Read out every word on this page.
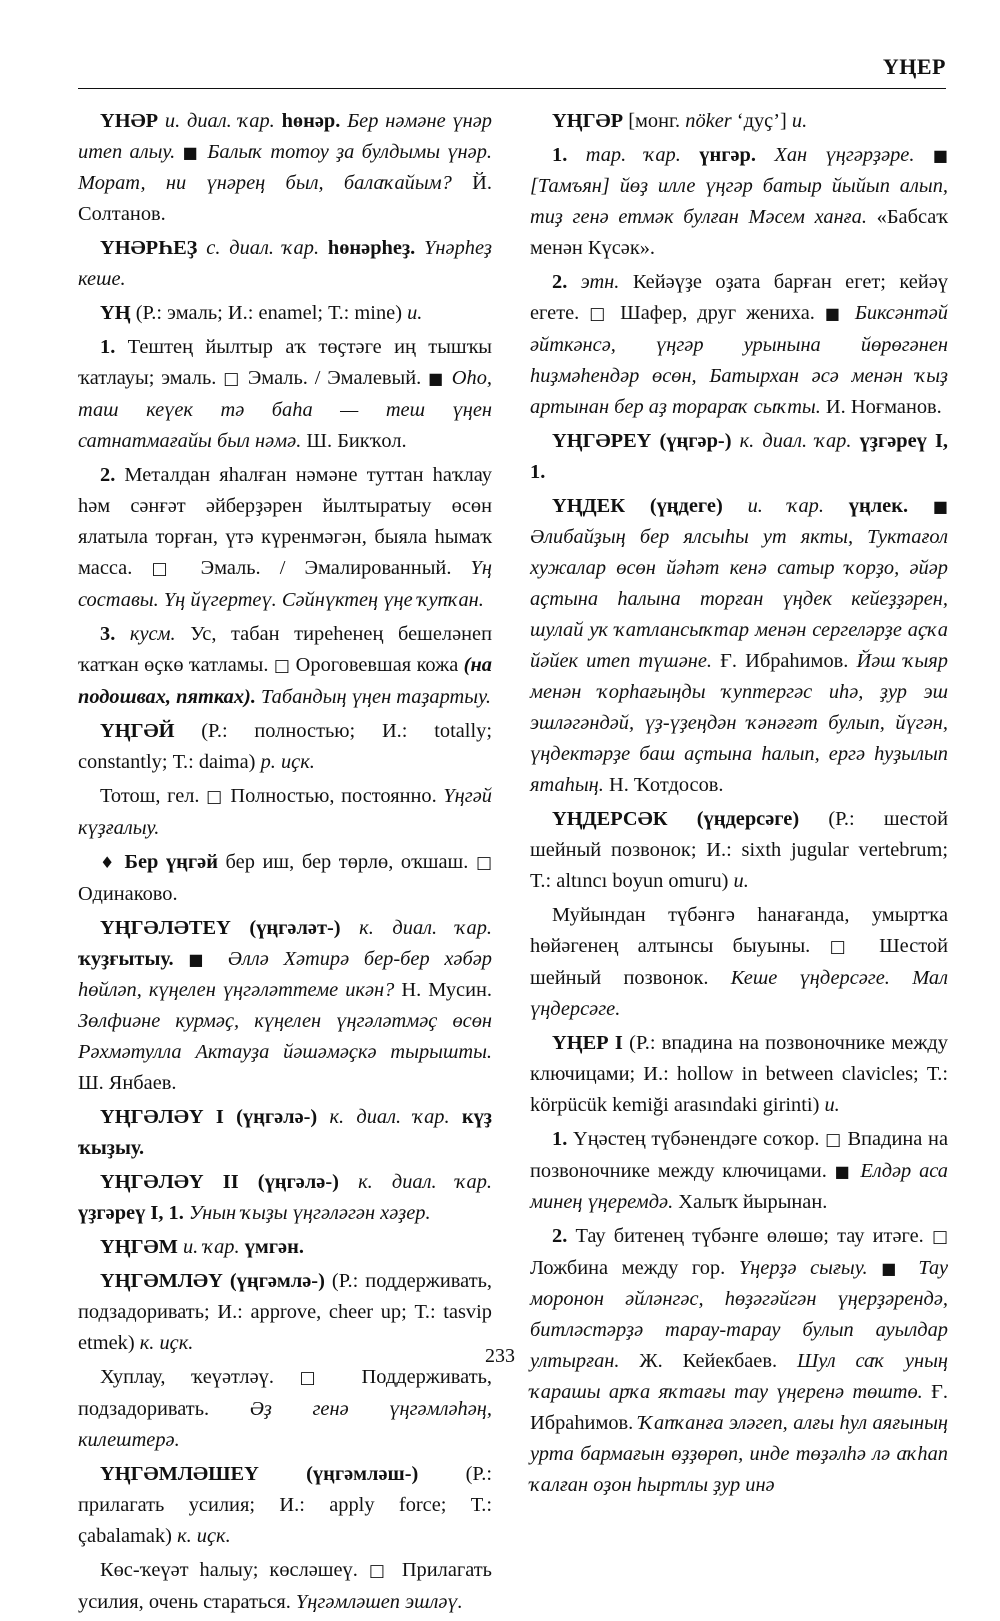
ҮҢЕР

ҮНӘР и. диал. ҡар. һөнәр. Бер нәмәне үнәр итеп алыу. ■ Балыҡ тотоу ҙа булдымы үнәр. Морат, ни үнәрең был, балаҡайым? Й. Солтанов.

ҮНӘРҺЕҘ с. диал. ҡар. һөнәрһеҙ. Үнәрһеҙ кеше.

ҮҢ (Р.: эмаль; И.: enamel; Т.: mine) и.

1. Тештең йылтыр аҡ төҫтәге иң тышҡы ҡатлауы; эмаль. □ Эмаль. / Эмалевый. ■ Оһо, таш кеүек тә баһа — теш үңен сатнатмағайы был нәмә. Ш. Бикҡол.

2. Металдан яһалған нәмәне туттан һаҡлау һәм сәнғәт әйберҙәрен йылтыратыу өсөн ялатыла торған, үтә күренмәгән, быяла һымаҡ масса. □ Эмаль. / Эмалированный. Үң составы. Үң йүгертеү. Сәйнүктең үңе ҡупҡан.

3. кусм. Ус, табан тиреһенең бешеләнеп ҡатҡан өҫкө ҡатламы. □ Ороговевшая кожа (на подошвах, пятках). Табандың үңен таҙартыу.

ҮҢГӘЙ (Р.: полностью; И.: totally; constantly; Т.: daima) р. иҫк.

Тотош, гел. □ Полностью, постоянно. Үңгәй күҙғалыу.

♦ Бер үңгәй бер иш, бер төрлө, оҡшаш. □ Одинаково.

ҮҢГӘЛӘТЕҮ (үңгәләт-) к. диал. ҡар. ҡуҙғытыу. ■ Әллә Хәтирә бер-бер хәбәр һөйләп, күңелен үңгәләттеме икән? Н. Мусин. Зөлфиәне курмәҫ, күңелен үңгәләтмәҫ өсөн Рәхмәтулла Актауҙа йәшәмәҫкә тырышты. Ш. Янбаев.

ҮҢГӘЛӘҮ I (үңгәлә-) к. диал. ҡар. күҙ ҡыҙыу.

ҮҢГӘЛӘҮ II (үңгәлә-) к. диал. ҡар. үҙгәреү I, 1. Унын ҡыҙы үңгәләгән хәҙер.

ҮҢГӘМ и. ҡар. үмгән.

ҮҢГӘМЛӘҮ (үңгәмлә-) (Р.: поддерживать, подзадоривать; И.: approve, cheer up; Т.: tasvip etmek) к. иҫк.

Хуплау, ҡеүәтләү. □ Поддерживать, подзадоривать. Әҙ генә үңгәмләһәң, килештерә.

ҮҢГӘМЛӘШЕҮ (үңгәмләш-) (Р.: прилагать усилия; И.: apply force; Т.: çabalamak) к. иҫк.

Көс-ҡеүәт һалыу; көсләшеү. □ Прилагать усилия, очень стараться. Үңгәмләшеп эшләү.

ҮҢГӘР [монг. nöker ‘дуҫ’] и.

1. тар. ҡар. үнгәр. Хан үңгәрҙәре. ■ [Тамъян] йөҙ илле үңгәр батыр йыйып алып, тиҙ генә етмәк булған Мәсем ханға. «Бабсаҡ менән Күсәк».

2. этн. Кейәүҙе оҙата барған егет; кейәү егете. □ Шафер, друг жениха. ■ Биксәнтәй әйткәнсә, үңгәр урынына йөрөгәнен һиҙмәһендәр өсөн, Батырхан әсә менән ҡыҙ артынан бер аҙ торараҡ сыҡты. И. Ноғманов.

ҮҢГӘРЕҮ (үңгәр-) к. диал. ҡар. үҙгәреү I, 1.

ҮҢДЕК (үңдеге) и. ҡар. үңлек. ■ Әлибайҙың бер ялсыһы ут якты, Туктағол хужалар өсөн йәһәт кенә сатыр ҡорҙо, әйәр аҫтына һалына торған үңдек кейеҙҙәрен, шулай уҡ ҡатлансыҡтар менән сергеләрҙе аҫҡа йәйек итеп түшәне. Ғ. Ибраһимов. Йәш ҡыяр менән ҡорһағыңды ҡуптергәс иһә, ҙур эш эшләгәндәй, үҙ-үҙеңдән ҡәнәғәт булып, йүгән, үңдектәрҙе баш аҫтына һалып, ергә һуҙылып ятаһың. Н. Ҡотдосов.

ҮҢДЕРСӘК (үңдерсәге) (Р.: шестой шейный позвонок; И.: sixth jugular vertebrum; Т.: altıncı boyun omuru) и.

Муйындан түбәнгә һанағанда, умыртҡа һөйәгенең алтынсы быуыны. □ Шестой шейный позвонок. Кеше үңдерсәге. Мал үңдерсәге.

ҮҢЕР I (Р.: впадина на позвоночнике между ключицами; И.: hollow in between clavicles; Т.: körpücük kemiği arasındaki girinti) и.

1. Үңәстең түбәнендәге соҡор. □ Впадина на позвоночнике между ключицами. ■ Елдәр аса минең үңеремдә. Халыҡ йырынан.

2. Тау битенең түбәнге өлөшө; тау итәге. □ Ложбина между гор. Үңерҙә сығыу. ■ Тау моронон әйләнгәс, һөҙәгәйгән үңерҙәрендә, битләстәрҙә тарау-тарау булып ауылдар ултырған. Ж. Кейекбаев. Шул саҡ уның ҡарашы арҡа яҡтағы тау үңеренә төштө. Ғ. Ибраһимов. Ҡапҡанға эләгеп, алғы һул аяғының урта бармағын өҙҙөрөп, инде төҙәлһә лә аҡһап ҡалған оҙон һыртлы ҙур инә

233
